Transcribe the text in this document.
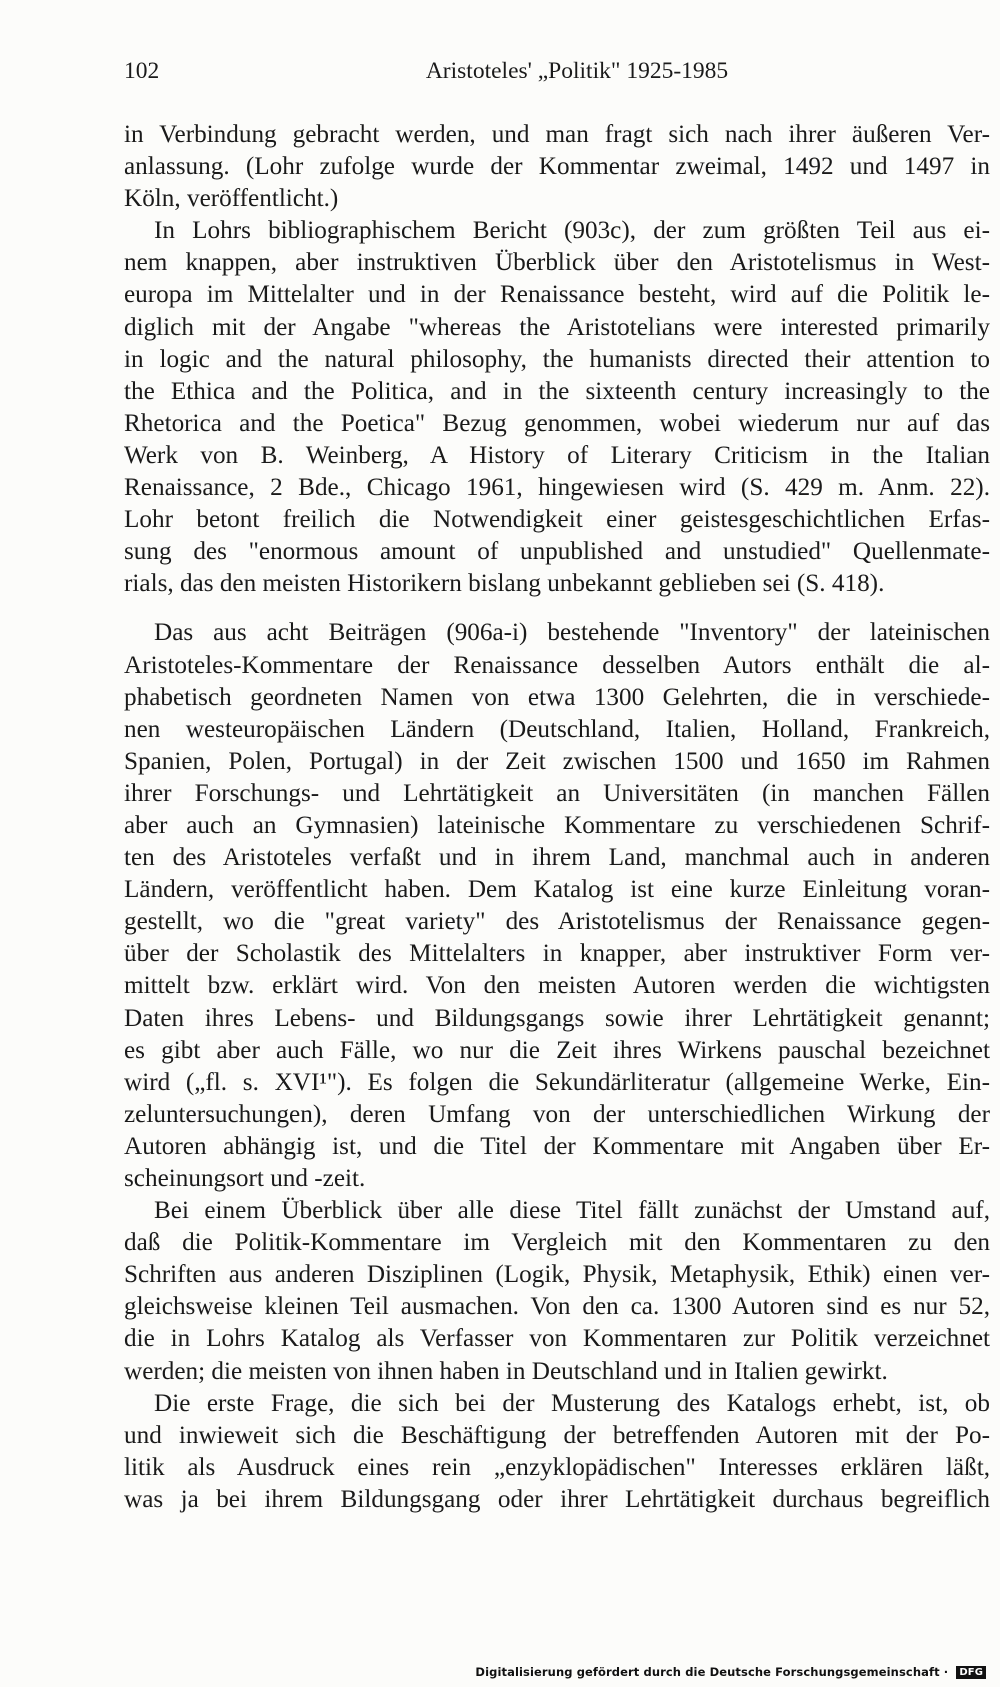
102	Aristoteles' „Politik" 1925-1985

in Verbindung gebracht werden, und man fragt sich nach ihrer äußeren Ver-
anlassung. (Lohr zufolge wurde der Kommentar zweimal, 1492 und 1497 in
Köln, veröffentlicht.)

In Lohrs bibliographischem Bericht (903c), der zum größten Teil aus ei-
nem knappen, aber instruktiven Überblick über den Aristotelismus in West-
europa im Mittelalter und in der Renaissance besteht, wird auf die Politik le-
diglich mit der Angabe "whereas the Aristotelians were interested primarily
in logic and the natural philosophy, the humanists directed their attention to
the Ethica and the Politica, and in the sixteenth century increasingly to the
Rhetorica and the Poetica" Bezug genommen, wobei wiederum nur auf das
Werk von B. Weinberg, A History of Literary Criticism in the Italian
Renaissance, 2 Bde., Chicago 1961, hingewiesen wird (S. 429 m. Anm. 22).
Lohr betont freilich die Notwendigkeit einer geistesgeschichtlichen Erfas-
sung des "enormous amount of unpublished and unstudied" Quellenmate-
rials, das den meisten Historikern bislang unbekannt geblieben sei (S. 418).

Das aus acht Beiträgen (906a-i) bestehende "Inventory" der lateinischen
Aristoteles-Kommentare der Renaissance desselben Autors enthält die al-
phabetisch geordneten Namen von etwa 1300 Gelehrten, die in verschiede-
nen westeuropäischen Ländern (Deutschland, Italien, Holland, Frankreich,
Spanien, Polen, Portugal) in der Zeit zwischen 1500 und 1650 im Rahmen
ihrer Forschungs- und Lehrtätigkeit an Universitäten (in manchen Fällen
aber auch an Gymnasien) lateinische Kommentare zu verschiedenen Schrif-
ten des Aristoteles verfaßt und in ihrem Land, manchmal auch in anderen
Ländern, veröffentlicht haben. Dem Katalog ist eine kurze Einleitung voran-
gestellt, wo die "great variety" des Aristotelismus der Renaissance gegen-
über der Scholastik des Mittelalters in knapper, aber instruktiver Form ver-
mittelt bzw. erklärt wird. Von den meisten Autoren werden die wichtigsten
Daten ihres Lebens- und Bildungsgangs sowie ihrer Lehrtätigkeit genannt;
es gibt aber auch Fälle, wo nur die Zeit ihres Wirkens pauschal bezeichnet
wird („fl. s. XVI¹"). Es folgen die Sekundärliteratur (allgemeine Werke, Ein-
zeluntersuchungen), deren Umfang von der unterschiedlichen Wirkung der
Autoren abhängig ist, und die Titel der Kommentare mit Angaben über Er-
scheinungsort und -zeit.

Bei einem Überblick über alle diese Titel fällt zunächst der Umstand auf,
daß die Politik-Kommentare im Vergleich mit den Kommentaren zu den
Schriften aus anderen Disziplinen (Logik, Physik, Metaphysik, Ethik) einen ver-
gleichsweise kleinen Teil ausmachen. Von den ca. 1300 Autoren sind es nur 52,
die in Lohrs Katalog als Verfasser von Kommentaren zur Politik verzeichnet
werden; die meisten von ihnen haben in Deutschland und in Italien gewirkt.

Die erste Frage, die sich bei der Musterung des Katalogs erhebt, ist, ob
und inwieweit sich die Beschäftigung der betreffenden Autoren mit der Po-
litik als Ausdruck eines rein „enzyklopädischen" Interesses erklären läßt,
was ja bei ihrem Bildungsgang oder ihrer Lehrtätigkeit durchaus begreiflich

Digitalisierung gefördert durch die Deutsche Forschungsgemeinschaft · DFG
